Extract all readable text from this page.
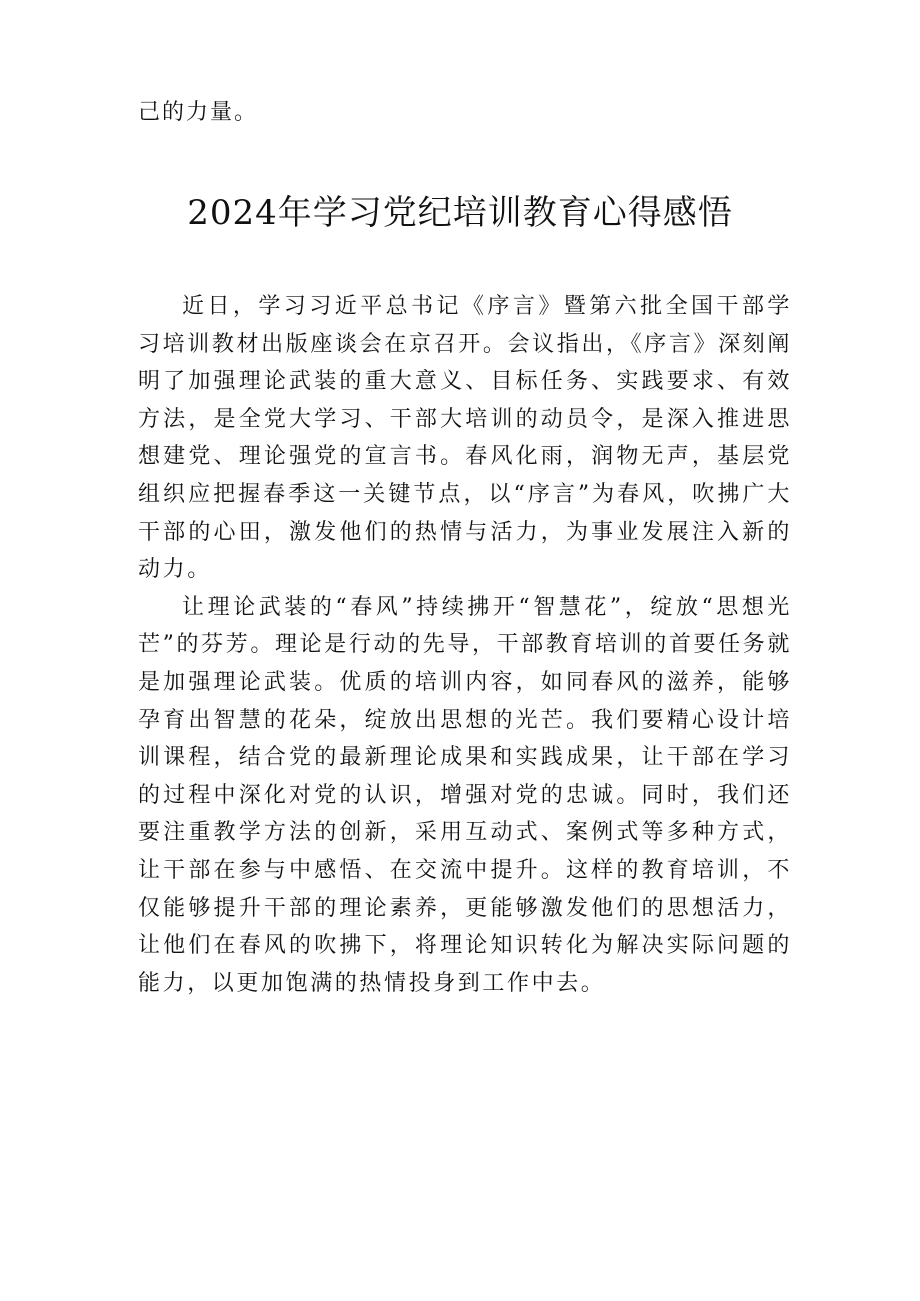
己的力量。

2024年学习党纪培训教育心得感悟

近日，学习习近平总书记《序言》暨第六批全国干部学习培训教材出版座谈会在京召开。会议指出，《序言》深刻阐明了加强理论武装的重大意义、目标任务、实践要求、有效方法，是全党大学习、干部大培训的动员令，是深入推进思想建党、理论强党的宣言书。春风化雨，润物无声，基层党组织应把握春季这一关键节点，以“序言”为春风，吹拂广大干部的心田，激发他们的热情与活力，为事业发展注入新的动力。

让理论武装的“春风”持续拂开“智慧花”，绽放“思想光芒”的芬芳。理论是行动的先导，干部教育培训的首要任务就是加强理论武装。优质的培训内容，如同春风的滋养，能够孕育出智慧的花朵，绽放出思想的光芒。我们要精心设计培训课程，结合党的最新理论成果和实践成果，让干部在学习的过程中深化对党的认识，增强对党的忠诚。同时，我们还要注重教学方法的创新，采用互动式、案例式等多种方式，让干部在参与中感悟、在交流中提升。这样的教育培训，不仅能够提升干部的理论素养，更能够激发他们的思想活力，让他们在春风的吹拂下，将理论知识转化为解决实际问题的能力，以更加饱满的热情投身到工作中去。
